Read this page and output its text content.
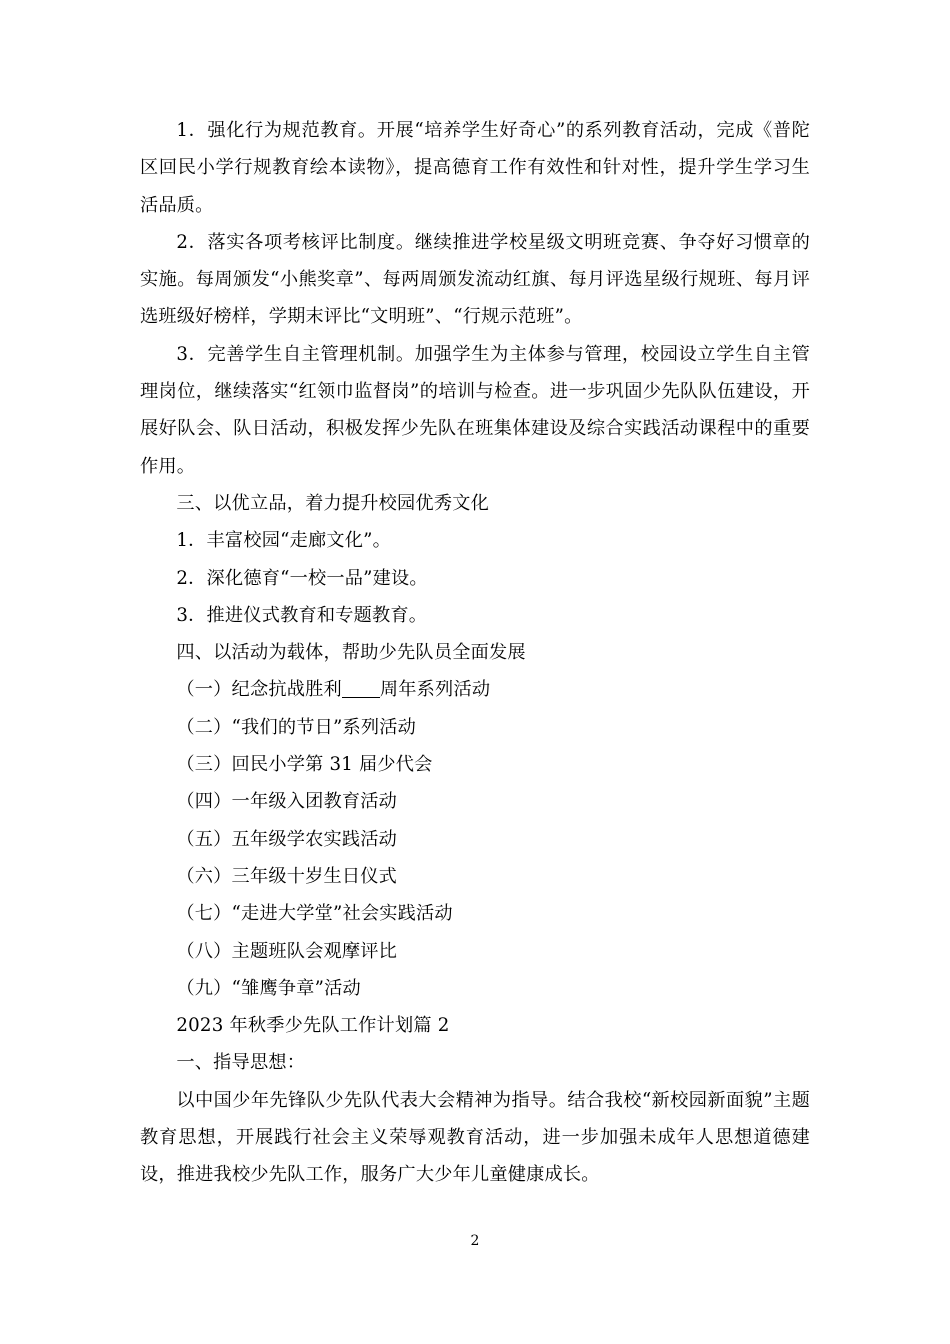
1．强化行为规范教育。开展“培养学生好奇心”的系列教育活动，完成《普陀区回民小学行规教育绘本读物》，提高德育工作有效性和针对性，提升学生学习生活品质。

2．落实各项考核评比制度。继续推进学校星级文明班竞赛、争夺好习惯章的实施。每周颁发“小熊奖章”、每两周颁发流动红旗、每月评选星级行规班、每月评选班级好榜样，学期末评比“文明班”、“行规示范班”。

3．完善学生自主管理机制。加强学生为主体参与管理，校园设立学生自主管理岗位，继续落实“红领巾监督岗”的培训与检查。进一步巩固少先队队伍建设，开展好队会、队日活动，积极发挥少先队在班集体建设及综合实践活动课程中的重要作用。

三、以优立品，着力提升校园优秀文化

1．丰富校园“走廊文化”。

2．深化德育“一校一品”建设。

3．推进仪式教育和专题教育。

四、以活动为载体，帮助少先队员全面发展

（一）纪念抗战胜利 周年系列活动

（二）“我们的节日”系列活动

（三）回民小学第 31 届少代会

（四）一年级入团教育活动

（五）五年级学农实践活动

（六）三年级十岁生日仪式

（七）“走进大学堂”社会实践活动

（八）主题班队会观摩评比

（九）“雏鹰争章”活动

2023 年秋季少先队工作计划篇 2

一、指导思想：

以中国少年先锋队少先队代表大会精神为指导。结合我校“新校园新面貌”主题教育思想，开展践行社会主义荣辱观教育活动，进一步加强未成年人思想道德建设，推进我校少先队工作，服务广大少年儿童健康成长。

2
